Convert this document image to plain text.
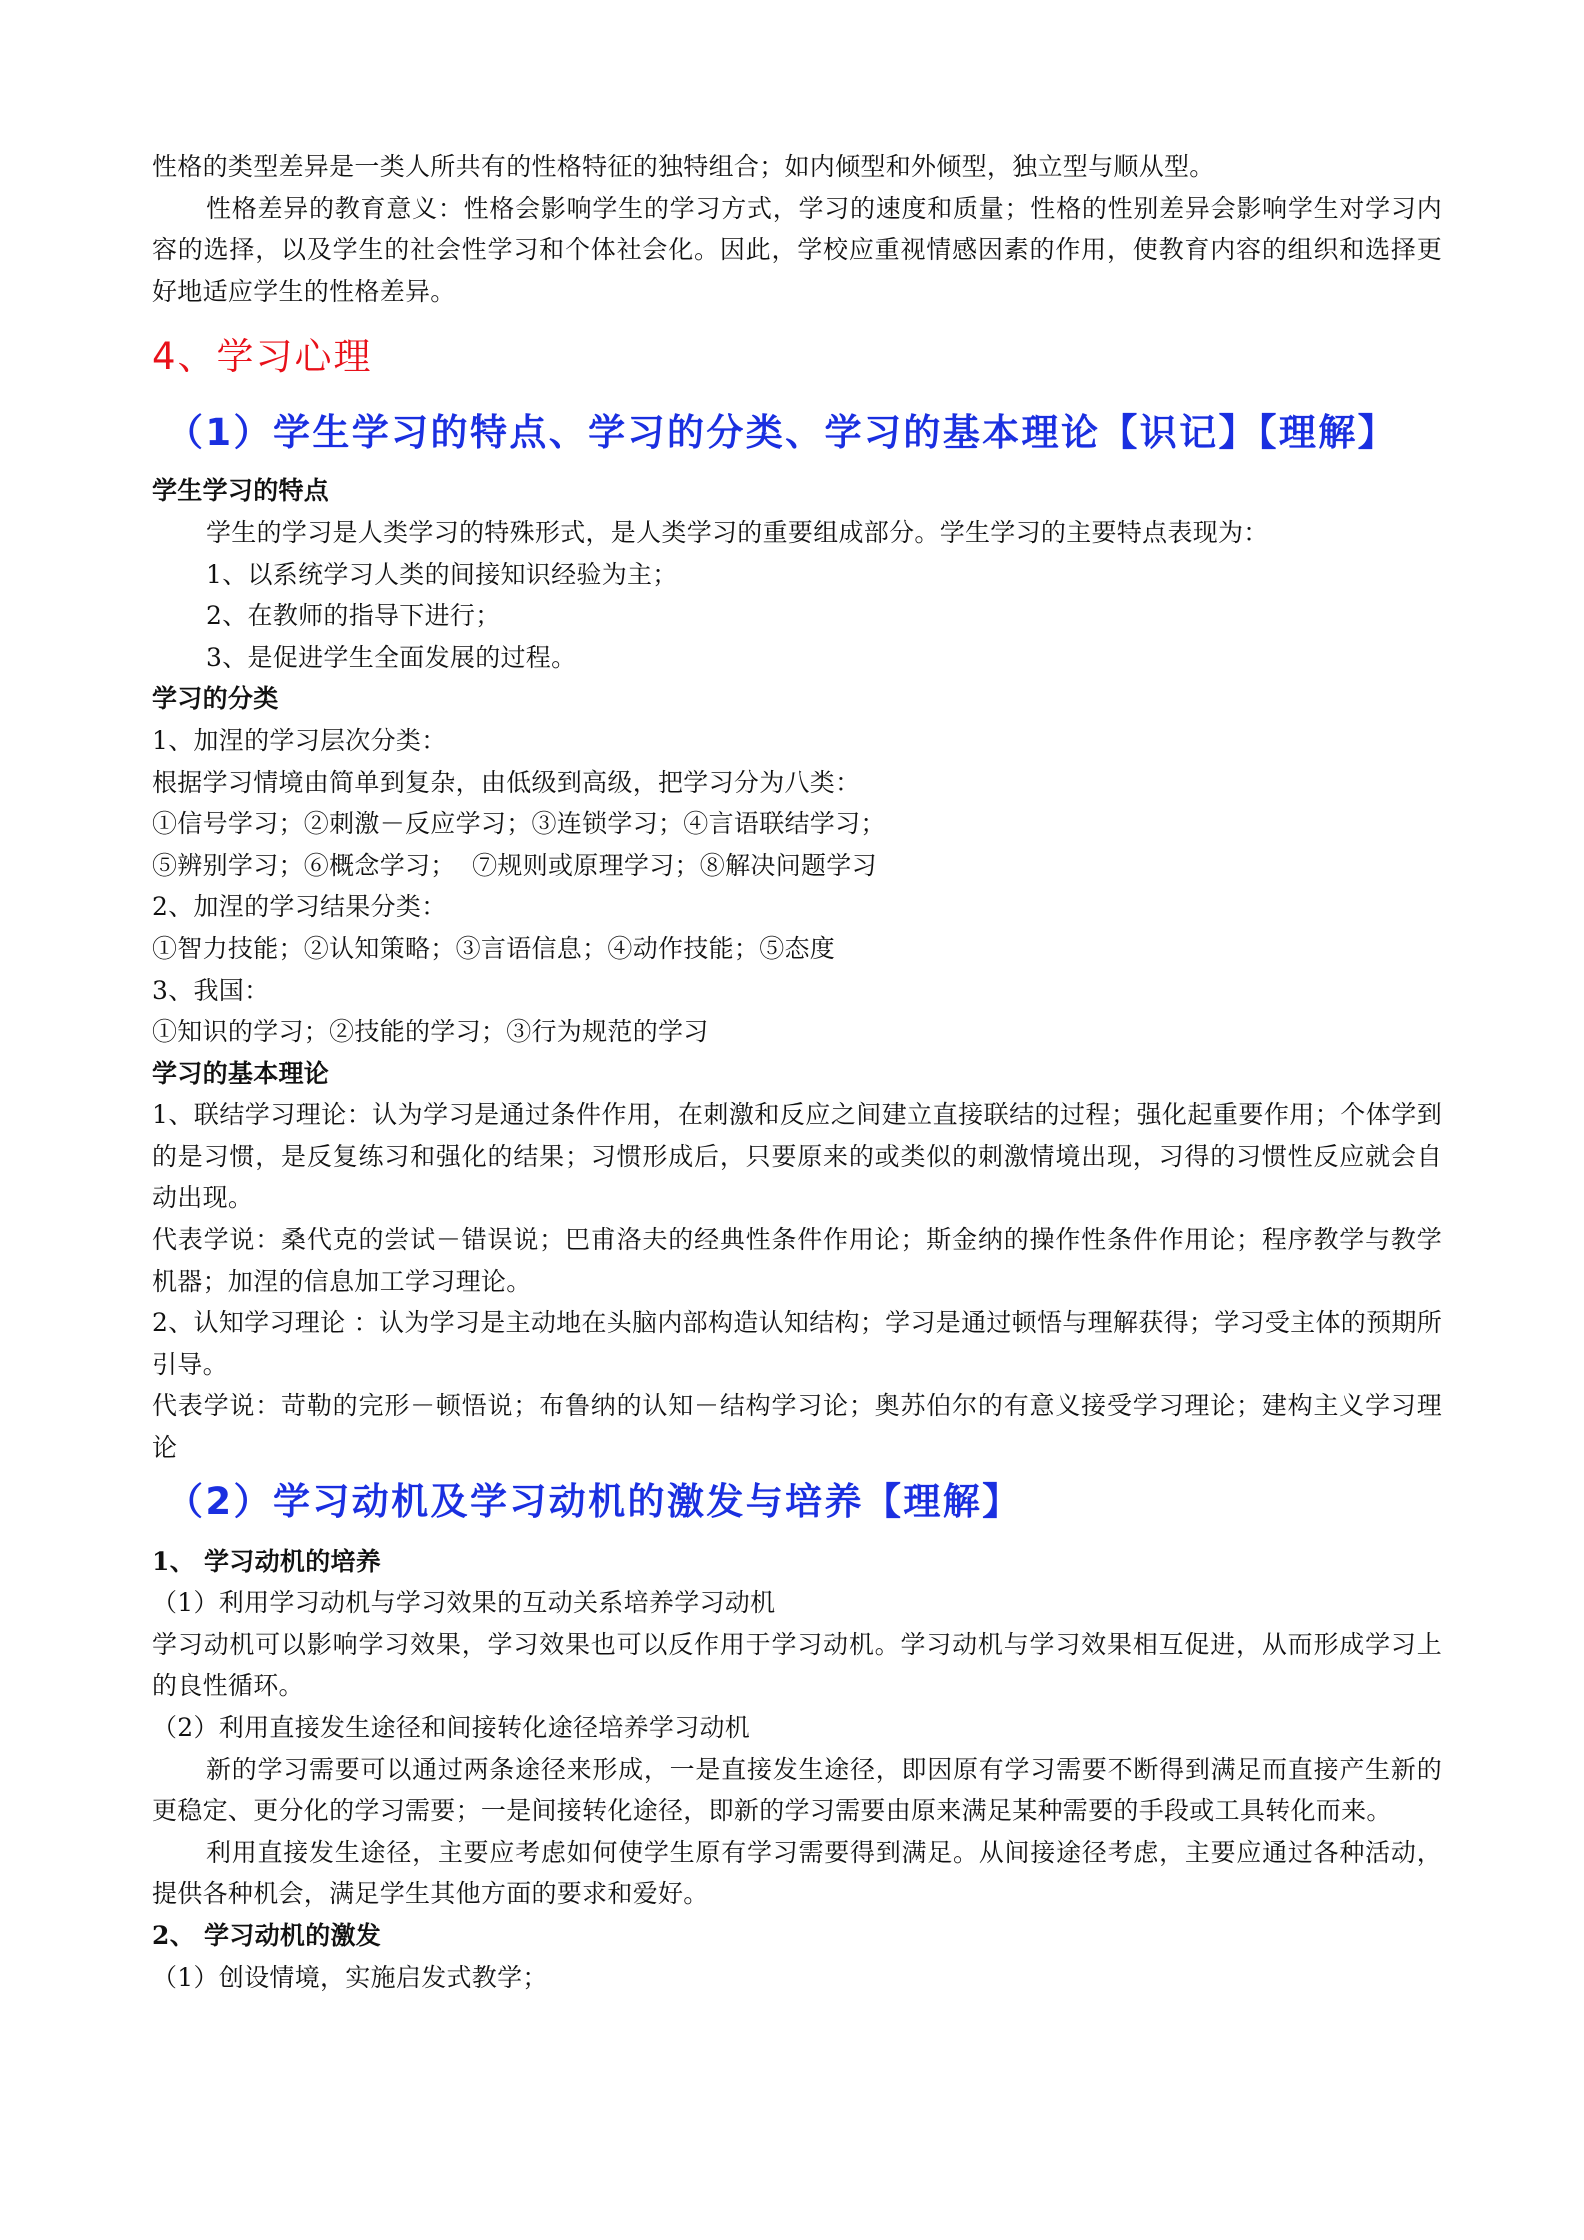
性格的类型差异是一类人所共有的性格特征的独特组合；如内倾型和外倾型，独立型与顺从型。

性格差异的教育意义：性格会影响学生的学习方式，学习的速度和质量；性格的性别差异会影响学生对学习内容的选择，以及学生的社会性学习和个体社会化。因此，学校应重视情感因素的作用，使教育内容的组织和选择更好地适应学生的性格差异。

4、学习心理
（1）学生学习的特点、学习的分类、学习的基本理论【识记】【理解】

学生学习的特点

学生的学习是人类学习的特殊形式，是人类学习的重要组成部分。学生学习的主要特点表现为：

1、以系统学习人类的间接知识经验为主；

2、在教师的指导下进行；

3、是促进学生全面发展的过程。

学习的分类

1、加涅的学习层次分类：

根据学习情境由简单到复杂，由低级到高级，把学习分为八类：

①信号学习；②刺激－反应学习；③连锁学习；④言语联结学习；

⑤辨别学习；⑥概念学习；  ⑦规则或原理学习；⑧解决问题学习

2、加涅的学习结果分类：

①智力技能；②认知策略；③言语信息；④动作技能；⑤态度

3、我国：

①知识的学习；②技能的学习；③行为规范的学习

学习的基本理论

1、联结学习理论：认为学习是通过条件作用，在刺激和反应之间建立直接联结的过程；强化起重要作用；个体学到的是习惯，是反复练习和强化的结果；习惯形成后，只要原来的或类似的刺激情境出现，习得的习惯性反应就会自动出现。

代表学说：桑代克的尝试－错误说；巴甫洛夫的经典性条件作用论；斯金纳的操作性条件作用论；程序教学与教学机器；加涅的信息加工学习理论。

2、认知学习理论 ：认为学习是主动地在头脑内部构造认知结构；学习是通过顿悟与理解获得；学习受主体的预期所引导。

代表学说：苛勒的完形－顿悟说；布鲁纳的认知－结构学习论；奥苏伯尔的有意义接受学习理论；建构主义学习理论

（2）学习动机及学习动机的激发与培养【理解】

1、 学习动机的培养

（1）利用学习动机与学习效果的互动关系培养学习动机

学习动机可以影响学习效果，学习效果也可以反作用于学习动机。学习动机与学习效果相互促进，从而形成学习上的良性循环。

（2）利用直接发生途径和间接转化途径培养学习动机

新的学习需要可以通过两条途径来形成，一是直接发生途径，即因原有学习需要不断得到满足而直接产生新的更稳定、更分化的学习需要；一是间接转化途径，即新的学习需要由原来满足某种需要的手段或工具转化而来。

利用直接发生途径，主要应考虑如何使学生原有学习需要得到满足。从间接途径考虑，主要应通过各种活动，提供各种机会，满足学生其他方面的要求和爱好。

2、 学习动机的激发

（1）创设情境，实施启发式教学；
